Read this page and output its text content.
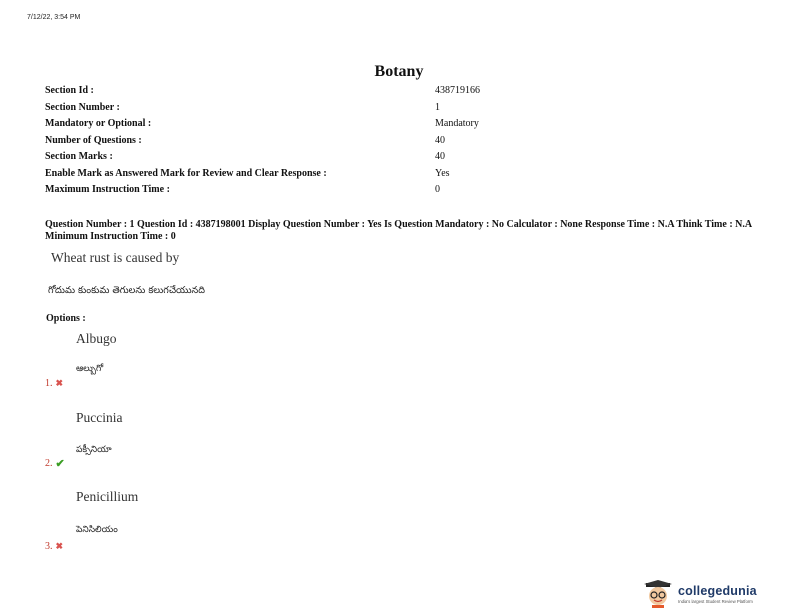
7/12/22, 3:54 PM
Botany
Section Id :	438719166
Section Number :	1
Mandatory or Optional :	Mandatory
Number of Questions :	40
Section Marks :	40
Enable Mark as Answered Mark for Review and Clear Response :	Yes
Maximum Instruction Time :	0
Question Number : 1 Question Id : 4387198001 Display Question Number : Yes Is Question Mandatory : No Calculator : None Response Time : N.A Think Time : N.A Minimum Instruction Time : 0
Wheat rust is caused by
గోదుమ కుంకుమ తెగులను కలుగచేయునది
Options :
Albugo
ఆల్బుగో
1. ✖
Puccinia
పక్సీనియా
2. ✔
Penicillium
పెనిసిలియం
3. ✖
collegedunia
India's largest Student Review Platform
